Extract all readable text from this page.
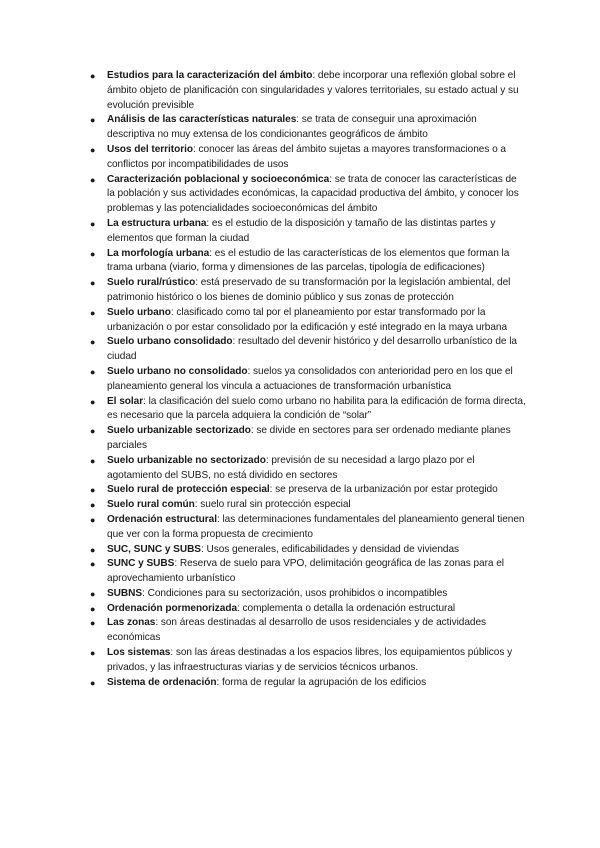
● Estudios para la caracterización del ámbito: debe incorporar una reflexión global sobre el ámbito objeto de planificación con singularidades y valores territoriales, su estado actual y su evolución previsible
● Análisis de las características naturales: se trata de conseguir una aproximación descriptiva no muy extensa de los condicionantes geográficos de ámbito
● Usos del territorio: conocer las áreas del ámbito sujetas a mayores transformaciones o a conflictos por incompatibilidades de usos
● Caracterización poblacional y socioeconómica: se trata de conocer las características de la población y sus actividades económicas, la capacidad productiva del ámbito, y conocer los problemas y las potencialidades socioeconómicas del ámbito
● La estructura urbana: es el estudio de la disposición y tamaño de las distintas partes y elementos que forman la ciudad
● La morfología urbana: es el estudio de las características de los elementos que forman la trama urbana (viario, forma y dimensiones de las parcelas, tipología de edificaciones)
● Suelo rural/rústico: está preservado de su transformación por la legislación ambiental, del patrimonio histórico o los bienes de dominio público y sus zonas de protección
● Suelo urbano: clasificado como tal por el planeamiento por estar transformado por la urbanización o por estar consolidado por la edificación y esté integrado en la maya urbana
● Suelo urbano consolidado: resultado del devenir histórico y del desarrollo urbanístico de la ciudad
● Suelo urbano no consolidado: suelos ya consolidados con anterioridad pero en los que el planeamiento general los vincula a actuaciones de transformación urbanística
● El solar: la clasificación del suelo como urbano no habilita para la edificación de forma directa, es necesario que la parcela adquiera la condición de “solar”
● Suelo urbanizable sectorizado: se divide en sectores para ser ordenado mediante planes parciales
● Suelo urbanizable no sectorizado: previsión de su necesidad a largo plazo por el agotamiento del SUBS, no está dividido en sectores
● Suelo rural de protección especial: se preserva de la urbanización por estar protegido
● Suelo rural común: suelo rural sin protección especial
● Ordenación estructural: las determinaciones fundamentales del planeamiento general tienen que ver con la forma propuesta de crecimiento
● SUC, SUNC y SUBS: Usos generales, edificabilidades y densidad de viviendas
● SUNC y SUBS: Reserva de suelo para VPO, delimitación geográfica de las zonas para el aprovechamiento urbanístico
● SUBNS: Condiciones para su sectorización, usos prohibidos o incompatibles
● Ordenación pormenorizada: complementa o detalla la ordenación estructural
● Las zonas: son áreas destinadas al desarrollo de usos residenciales y de actividades económicas
● Los sistemas: son las áreas destinadas a los espacios libres, los equipamientos públicos y privados, y las infraestructuras viarias y de servicios técnicos urbanos.
● Sistema de ordenación: forma de regular la agrupación de los edificios
